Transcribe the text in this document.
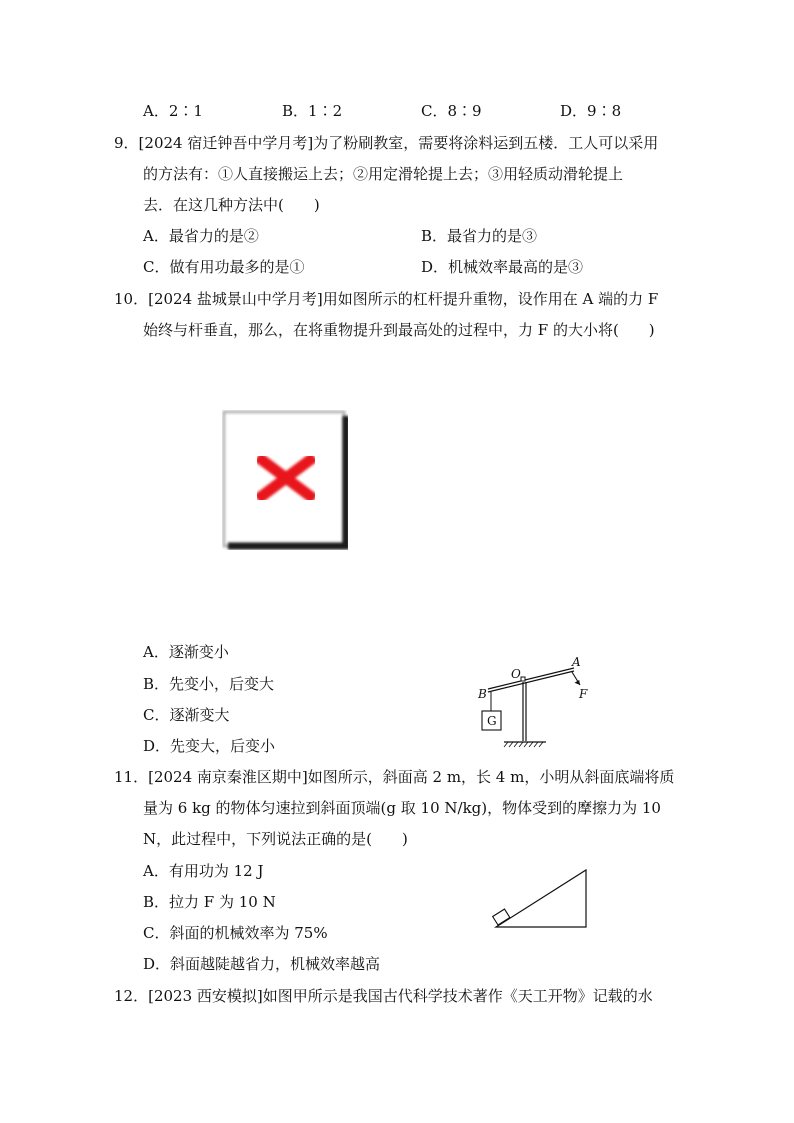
A．2∶1	B．1∶2	C．8∶9	D．9∶8
9．[2024 宿迁钟吾中学月考]为了粉刷教室，需要将涂料运到五楼．工人可以采用
的方法有：①人直接搬运上去；②用定滑轮提上去；③用轻质动滑轮提上
去．在这几种方法中(　　)
A．最省力的是②	B．最省力的是③
C．做有用功最多的是①	D．机械效率最高的是③
10．[2024 盐城景山中学月考]用如图所示的杠杆提升重物，设作用在 A 端的力 F
始终与杆垂直，那么，在将重物提升到最高处的过程中，力 F 的大小将(　　)
A．逐渐变小
B．先变小，后变大
C．逐渐变大
D．先变大，后变小
G
O
A
B	F
11．[2024 南京秦淮区期中]如图所示，斜面高 2 m，长 4 m，小明从斜面底端将质
量为 6 kg 的物体匀速拉到斜面顶端(g 取 10 N/kg)，物体受到的摩擦力为 10
N，此过程中，下列说法正确的是(　　)
A．有用功为 12 J
B．拉力 F 为 10 N
C．斜面的机械效率为 75%
D．斜面越陡越省力，机械效率越高
12．[2023 西安模拟]如图甲所示是我国古代科学技术著作《天工开物》记载的水
